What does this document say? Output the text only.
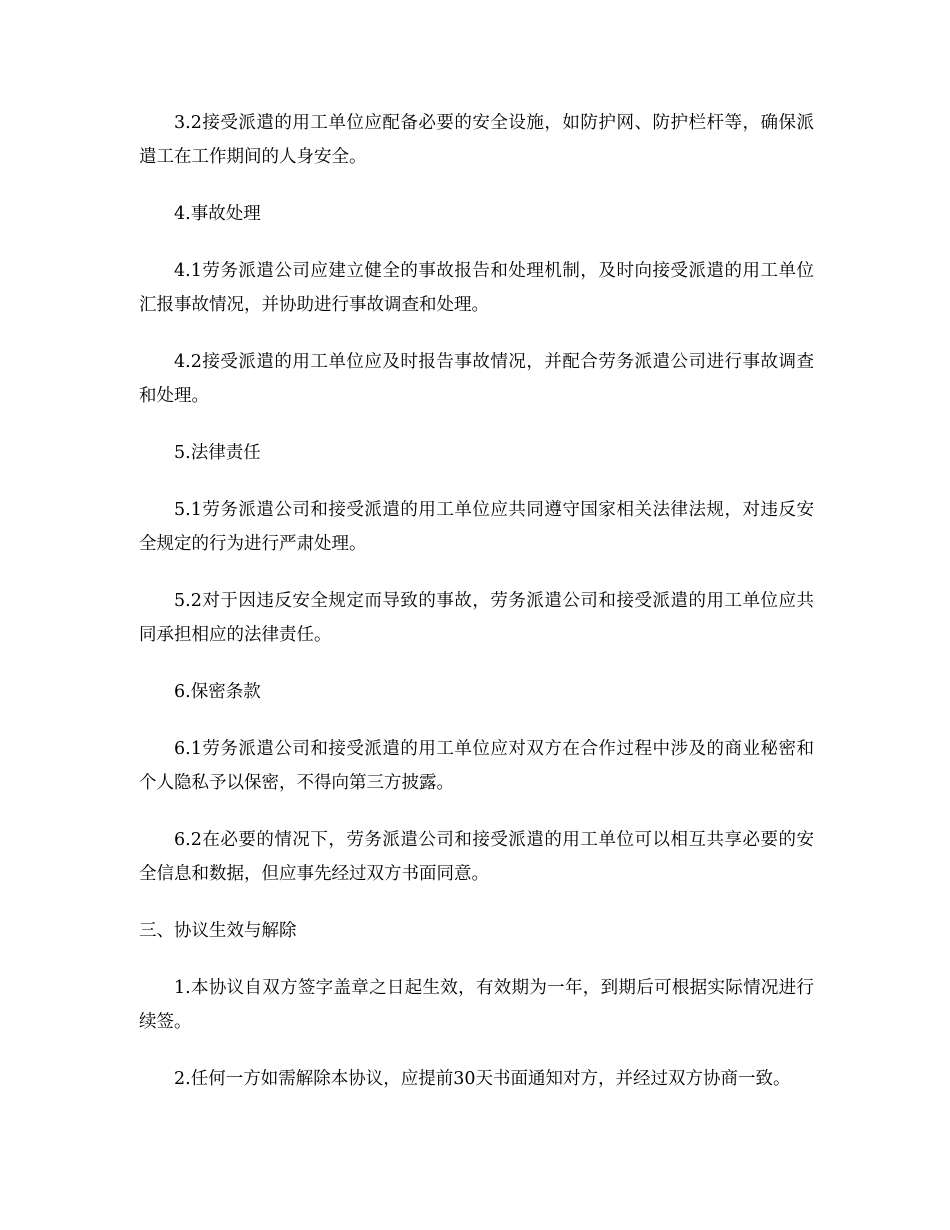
3.2接受派遣的用工单位应配备必要的安全设施，如防护网、防护栏杆等，确保派遣工在工作期间的人身安全。

4.事故处理

4.1劳务派遣公司应建立健全的事故报告和处理机制，及时向接受派遣的用工单位汇报事故情况，并协助进行事故调查和处理。

4.2接受派遣的用工单位应及时报告事故情况，并配合劳务派遣公司进行事故调查和处理。

5.法律责任

5.1劳务派遣公司和接受派遣的用工单位应共同遵守国家相关法律法规，对违反安全规定的行为进行严肃处理。

5.2对于因违反安全规定而导致的事故，劳务派遣公司和接受派遣的用工单位应共同承担相应的法律责任。

6.保密条款

6.1劳务派遣公司和接受派遣的用工单位应对双方在合作过程中涉及的商业秘密和个人隐私予以保密，不得向第三方披露。

6.2在必要的情况下，劳务派遣公司和接受派遣的用工单位可以相互共享必要的安全信息和数据，但应事先经过双方书面同意。

三、协议生效与解除

1.本协议自双方签字盖章之日起生效，有效期为一年，到期后可根据实际情况进行续签。

2.任何一方如需解除本协议，应提前30天书面通知对方，并经过双方协商一致。
